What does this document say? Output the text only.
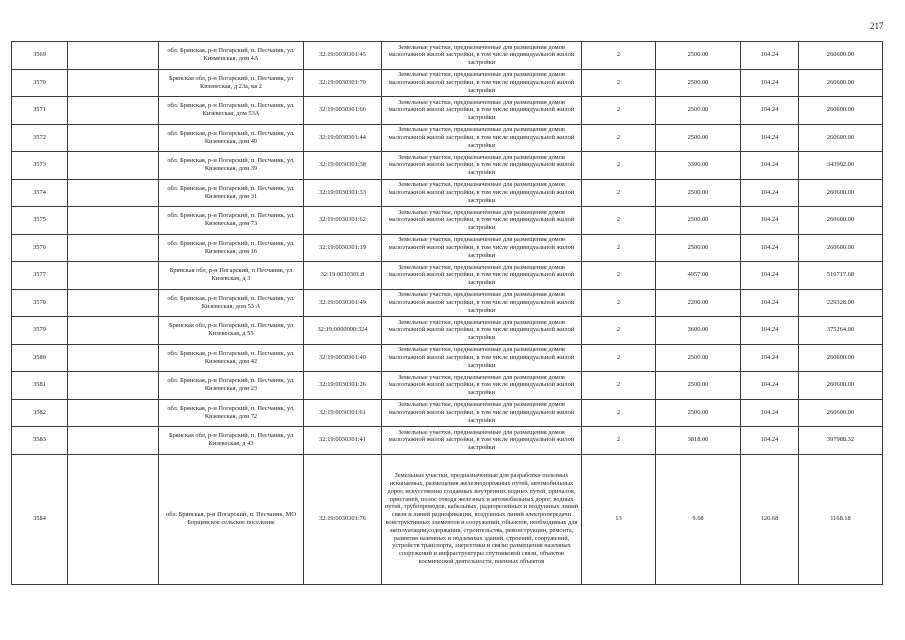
217
3569		обл. Брянская, р-н Погарский, п. Песчаник, ул. Кизменская, дом 4А	32:19:0030301:45	Земельные участки, предназначенные для размещения домов малоэтажной жилой застройки, в том числе индивидуальной жилой застройки	2	2500.00	104.24	260600.00
3570		Брянская обл, р-н Погарский, п. Песчаник, ул Кизевеская, д 23а, кв 2	32:19:0030301:70	Земельные участки, предназначенные для размещения домов малоэтажной жилой застройки, в том числе индивидуальной жилой застройки	2	2500.00	104.24	260600.00
3571		обл. Брянская, р-н Погарский, п. Песчаник, ул. Кизевеская, дом 53А	32:19:0030301:66	Земельные участки, предназначенные для размещения домов малоэтажной жилой застройки, в том числе индивидуальной жилой застройки	2	2500.00	104.24	260600.00
3572		обл. Брянская, р-н Погарский, п. Песчаник, ул. Кизевеская, дом 49	32:19:0030301:44	Земельные участки, предназначенные для размещения домов малоэтажной жилой застройки, в том числе индивидуальной жилой застройки	2	2500.00	104.24	260600.00
3573		обл. Брянская, р-н Погарский, п. Песчаник, ул. Кизевеская, дом 39	32:19:0030301:38	Земельные участки, предназначенные для размещения домов малоэтажной жилой застройки, в том числе индивидуальной жилой застройки	2	3300.00	104.24	343992.00
3574		обл. Брянская, р-н Погарский, п. Песчаник, ул. Кизевеская, дом 31	32:19:0030301:33	Земельные участки, предназначенные для размещения домов малоэтажной жилой застройки, в том числе индивидуальной жилой застройки	2	2500.00	104.24	260600.00
3575		обл. Брянская, р-н Погарский, п. Песчаник, ул. Кизевеская, дом 73	32:19:0030301:62	Земельные участки, предназначенные для размещения домов малоэтажной жилой застройки, в том числе индивидуальной жилой застройки	2	2500.00	104.24	260600.00
3576		обл. Брянская, р-н Погарский, п. Песчаник, ул. Кизевеская, дом 16	32:19:0030301:19	Земельные участки, предназначенные для размещения домов малоэтажной жилой застройки, в том числе индивидуальной жилой застройки	2	2500.00	104.24	260600.00
3577		Брянская обл, р-н Погарский, п Песчаник, ул Кизевская, д 3	32:19:0030301:8	Земельные участки, предназначенные для размещения домов малоэтажной жилой застройки, в том числе индивидуальной жилой застройки	2	4957.00	104.24	516717.68
3578		обл. Брянская, р-н Погарский, п. Песчаник, ул. Кизевеская, дом 53 А	32:19:0030301:49	Земельные участки, предназначенные для размещения домов малоэтажной жилой застройки, в том числе индивидуальной жилой застройки	2	2200.00	104.24	229328.00
3579		Брянская обл, р-н Погарский, п. Песчаник, ул Кизевеская, д 55	32:19:0000000:324	Земельные участки, предназначенные для размещения домов малоэтажной жилой застройки, в том числе индивидуальной жилой застройки	2	3600.00	104.24	375264.00
3580		обл. Брянская, р-н Погарский, п. Песчаник, ул. Кизевеская, дом 42	32:19:0030301:40	Земельные участки, предназначенные для размещения домов малоэтажной жилой застройки, в том числе индивидуальной жилой застройки	2	2500.00	104.24	260600.00
3581		обл. Брянская, р-н Погарский, п. Песчаник, ул. Кизевеская, дом 23	32:19:0030301:26	Земельные участки, предназначенные для размещения домов малоэтажной жилой застройки, в том числе индивидуальной жилой застройки	2	2500.00	104.24	260600.00
3582		обл. Брянская, р-н Погарский, п. Песчаник, ул. Кизевеская, дом 72	32:19:0030301:61	Земельные участки, предназначенные для размещения домов малоэтажной жилой застройки, в том числе индивидуальной жилой застройки	2	2500.00	104.24	260600.00
3583		Брянская обл, р-н Погарский, п. Песчаник, ул Кизевеская, д 43	32:19:0030301:41	Земельные участки, предназначенные для размещения домов малоэтажной жилой застройки, в том числе индивидуальной жилой застройки	2	3818.00	104.24	397988.32
3584		обл. Брянская, р-н Погарский, п. Песчаник, МО Борщевское сельское поселение	32:19:0030301:76	Земельные участки, предназначенные для разработки полезных ископаемых, размещения железнодорожных путей, автомобильных дорог, искусственно созданных внутренних водных путей, причалов, пристаней, полос отвода железных и автомобильных дорог, водных путей, трубопроводов, кабельных, радиорелейных и воздушных линий связи и линий радиофикации, воздушных линий электропередачи конструктивных элементов и сооружений, объектов, необходимых для эксплуатации,содержания, строительства, реконструкции, ремонта, развития наземных и подземных зданий, строений, сооружений, устройств транспорта, энергетики и связи; размещения наземных сооружений и инфраструктуры спутниковой связи, объектов космической деятельности, военных объектов	13	9.68	120.68	1168.18
